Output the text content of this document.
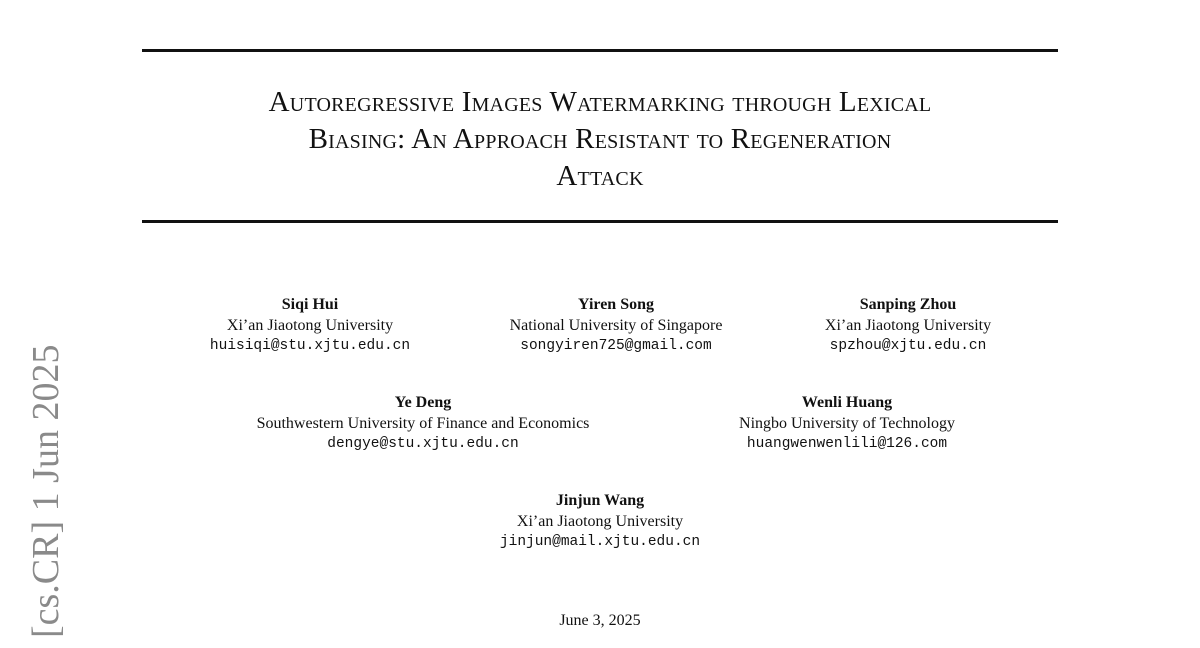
Autoregressive Images Watermarking through Lexical
Biasing: An Approach Resistant to Regeneration
Attack
Siqi Hui
Xi’an Jiaotong University
huisiqi@stu.xjtu.edu.cn
Yiren Song
National University of Singapore
songyiren725@gmail.com
Sanping Zhou
Xi’an Jiaotong University
spzhou@xjtu.edu.cn
Ye Deng
Southwestern University of Finance and Economics
dengye@stu.xjtu.edu.cn
Wenli Huang
Ningbo University of Technology
huangwenwenlili@126.com
Jinjun Wang
Xi’an Jiaotong University
jinjun@mail.xjtu.edu.cn
June 3, 2025
[cs.CR] 1 Jun 2025
